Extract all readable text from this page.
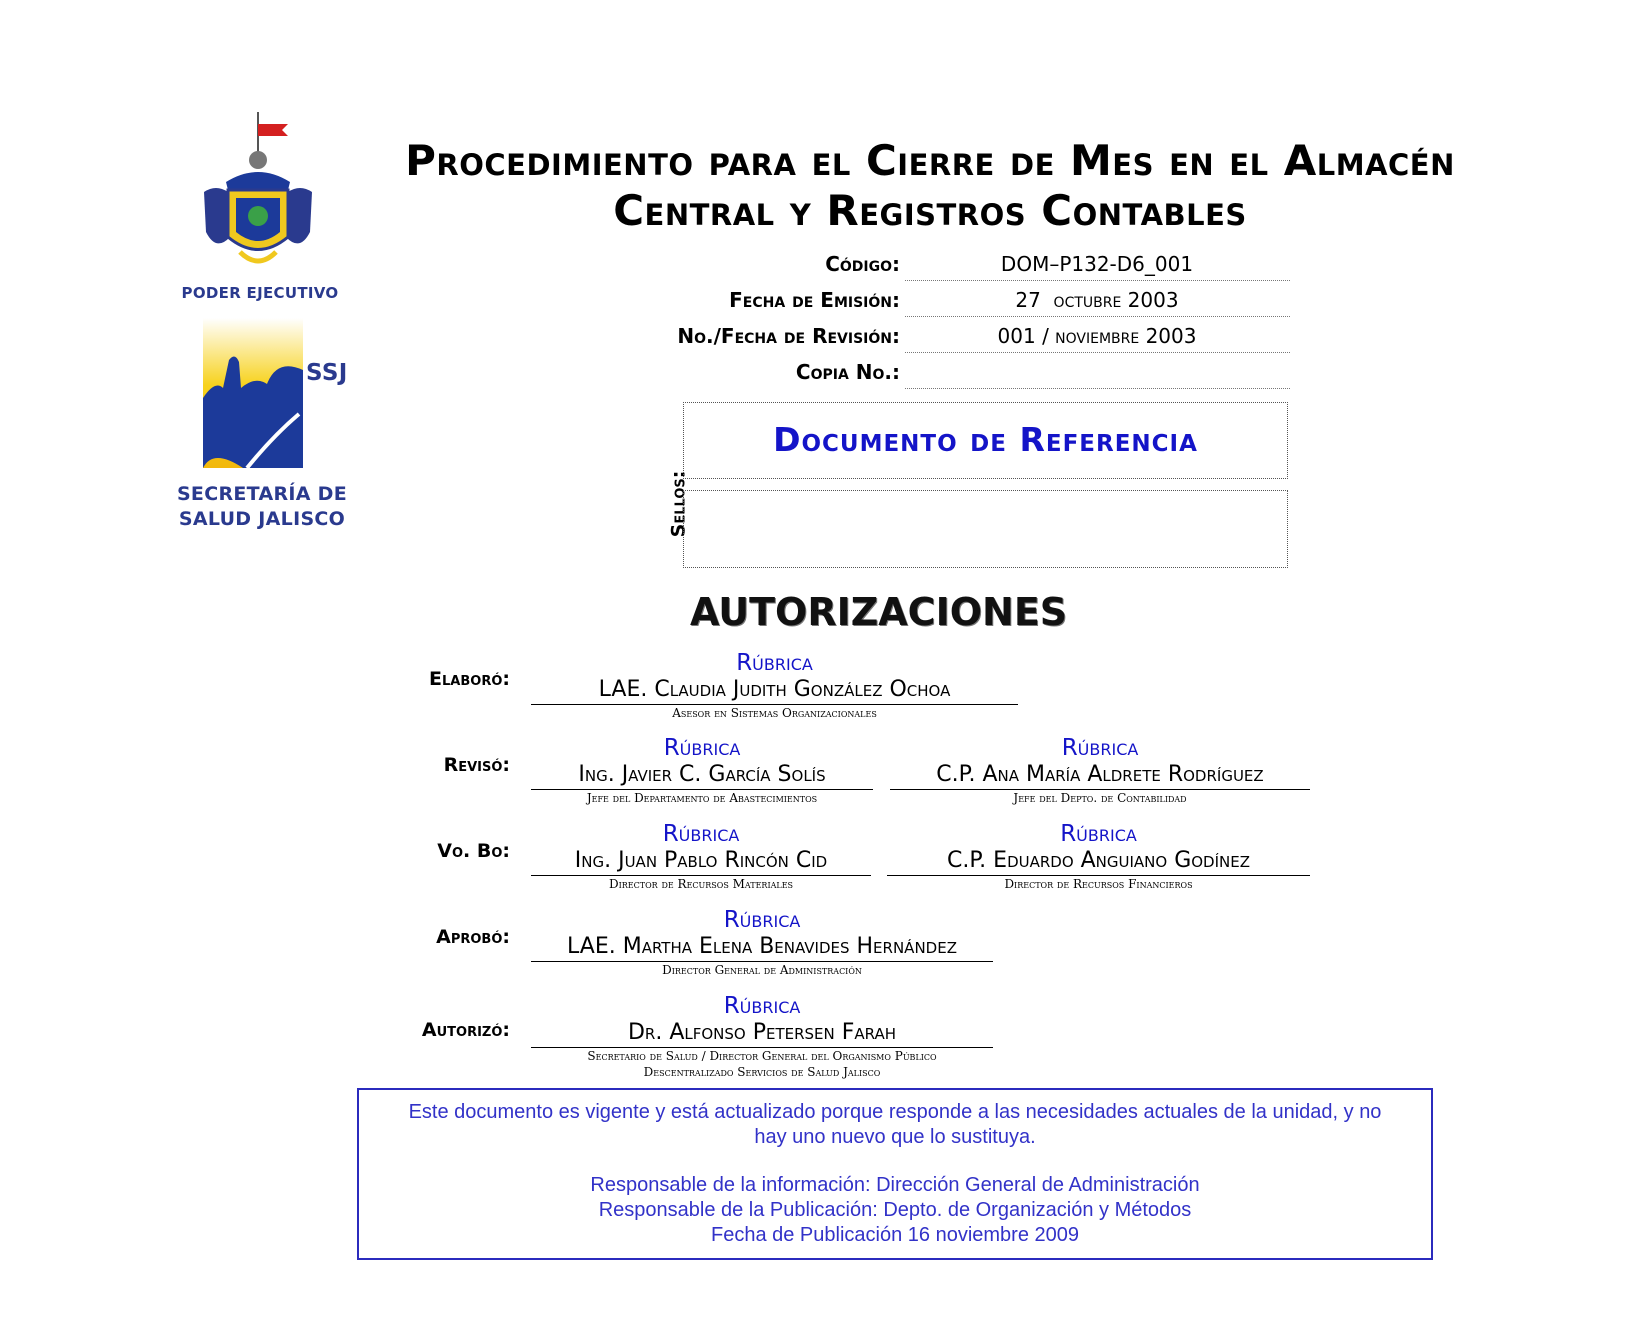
PODER EJECUTIVO
SSJ
SECRETARÍA DE
SALUD JALISCO
Procedimiento para el Cierre de Mes en el Almacén
Central y Registros Contables
Código:	DOM–P132-D6_001
Fecha de Emisión:	27  octubre 2003
No./Fecha de Revisión:	001 / noviembre 2003
Copia No.:
Sellos:
Documento de Referencia
AUTORIZACIONES
Elaboró:
Rúbrica
LAE. Claudia Judith González Ochoa
Asesor en Sistemas Organizacionales
Revisó:
Rúbrica
Ing. Javier C. García Solís
Jefe del Departamento de Abastecimientos
Rúbrica
C.P. Ana María Aldrete Rodríguez
Jefe del Depto. de Contabilidad
Vo. Bo:
Rúbrica
Ing. Juan Pablo Rincón Cid
Director de Recursos Materiales
Rúbrica
C.P. Eduardo Anguiano Godínez
Director de Recursos Financieros
Aprobó:
Rúbrica
LAE. Martha Elena Benavides Hernández
Director General de Administración
Autorizó:
Rúbrica
Dr. Alfonso Petersen Farah
Secretario de Salud / Director General del Organismo Público
Descentralizado Servicios de Salud Jalisco
Este documento es vigente y está actualizado porque responde a las necesidades actuales de la unidad, y no
hay uno nuevo que lo sustituya.
Responsable de la información: Dirección General de Administración
Responsable de la Publicación: Depto. de Organización y Métodos
Fecha de Publicación 16 noviembre 2009
